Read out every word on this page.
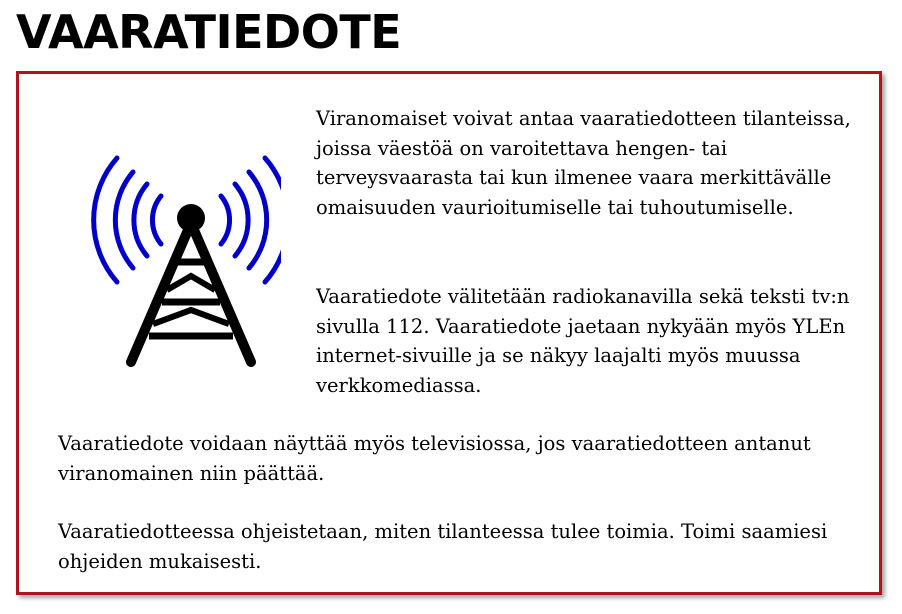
VAARATIEDOTE

Viranomaiset voivat antaa vaaratiedotteen tilanteissa, joissa väestöä on varoitettava hengen- tai terveysvaarasta tai kun ilmenee vaara merkittävälle omaisuuden vaurioitumiselle tai tuhoutumiselle.

Vaaratiedote välitetään radiokanavilla sekä teksti tv:n sivulla 112. Vaaratiedote jaetaan nykyään myös YLEn internet-sivuille ja se näkyy laajalti myös muussa verkkomediassa.

Vaaratiedote voidaan näyttää myös televisiossa, jos vaaratiedotteen antanut viranomainen niin päättää.

Vaaratiedotteessa ohjeistetaan, miten tilanteessa tulee toimia. Toimi saamiesi ohjeiden mukaisesti.
